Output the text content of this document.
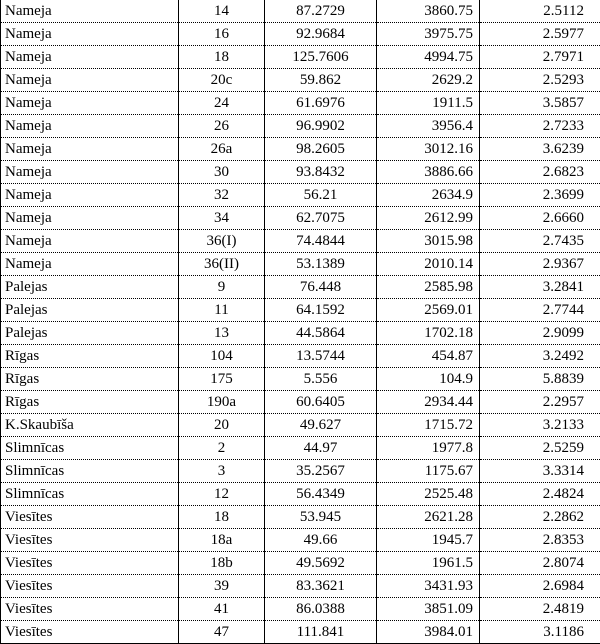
Nameja	14	87.2729	3860.75	2.5112
Nameja	16	92.9684	3975.75	2.5977
Nameja	18	125.7606	4994.75	2.7971
Nameja	20c	59.862	2629.2	2.5293
Nameja	24	61.6976	1911.5	3.5857
Nameja	26	96.9902	3956.4	2.7233
Nameja	26a	98.2605	3012.16	3.6239
Nameja	30	93.8432	3886.66	2.6823
Nameja	32	56.21	2634.9	2.3699
Nameja	34	62.7075	2612.99	2.6660
Nameja	36(I)	74.4844	3015.98	2.7435
Nameja	36(II)	53.1389	2010.14	2.9367
Palejas	9	76.448	2585.98	3.2841
Palejas	11	64.1592	2569.01	2.7744
Palejas	13	44.5864	1702.18	2.9099
Rīgas	104	13.5744	454.87	3.2492
Rīgas	175	5.556	104.9	5.8839
Rīgas	190a	60.6405	2934.44	2.2957
K.Skaubīša	20	49.627	1715.72	3.2133
Slimnīcas	2	44.97	1977.8	2.5259
Slimnīcas	3	35.2567	1175.67	3.3314
Slimnīcas	12	56.4349	2525.48	2.4824
Viesītes	18	53.945	2621.28	2.2862
Viesītes	18a	49.66	1945.7	2.8353
Viesītes	18b	49.5692	1961.5	2.8074
Viesītes	39	83.3621	3431.93	2.6984
Viesītes	41	86.0388	3851.09	2.4819
Viesītes	47	111.841	3984.01	3.1186
